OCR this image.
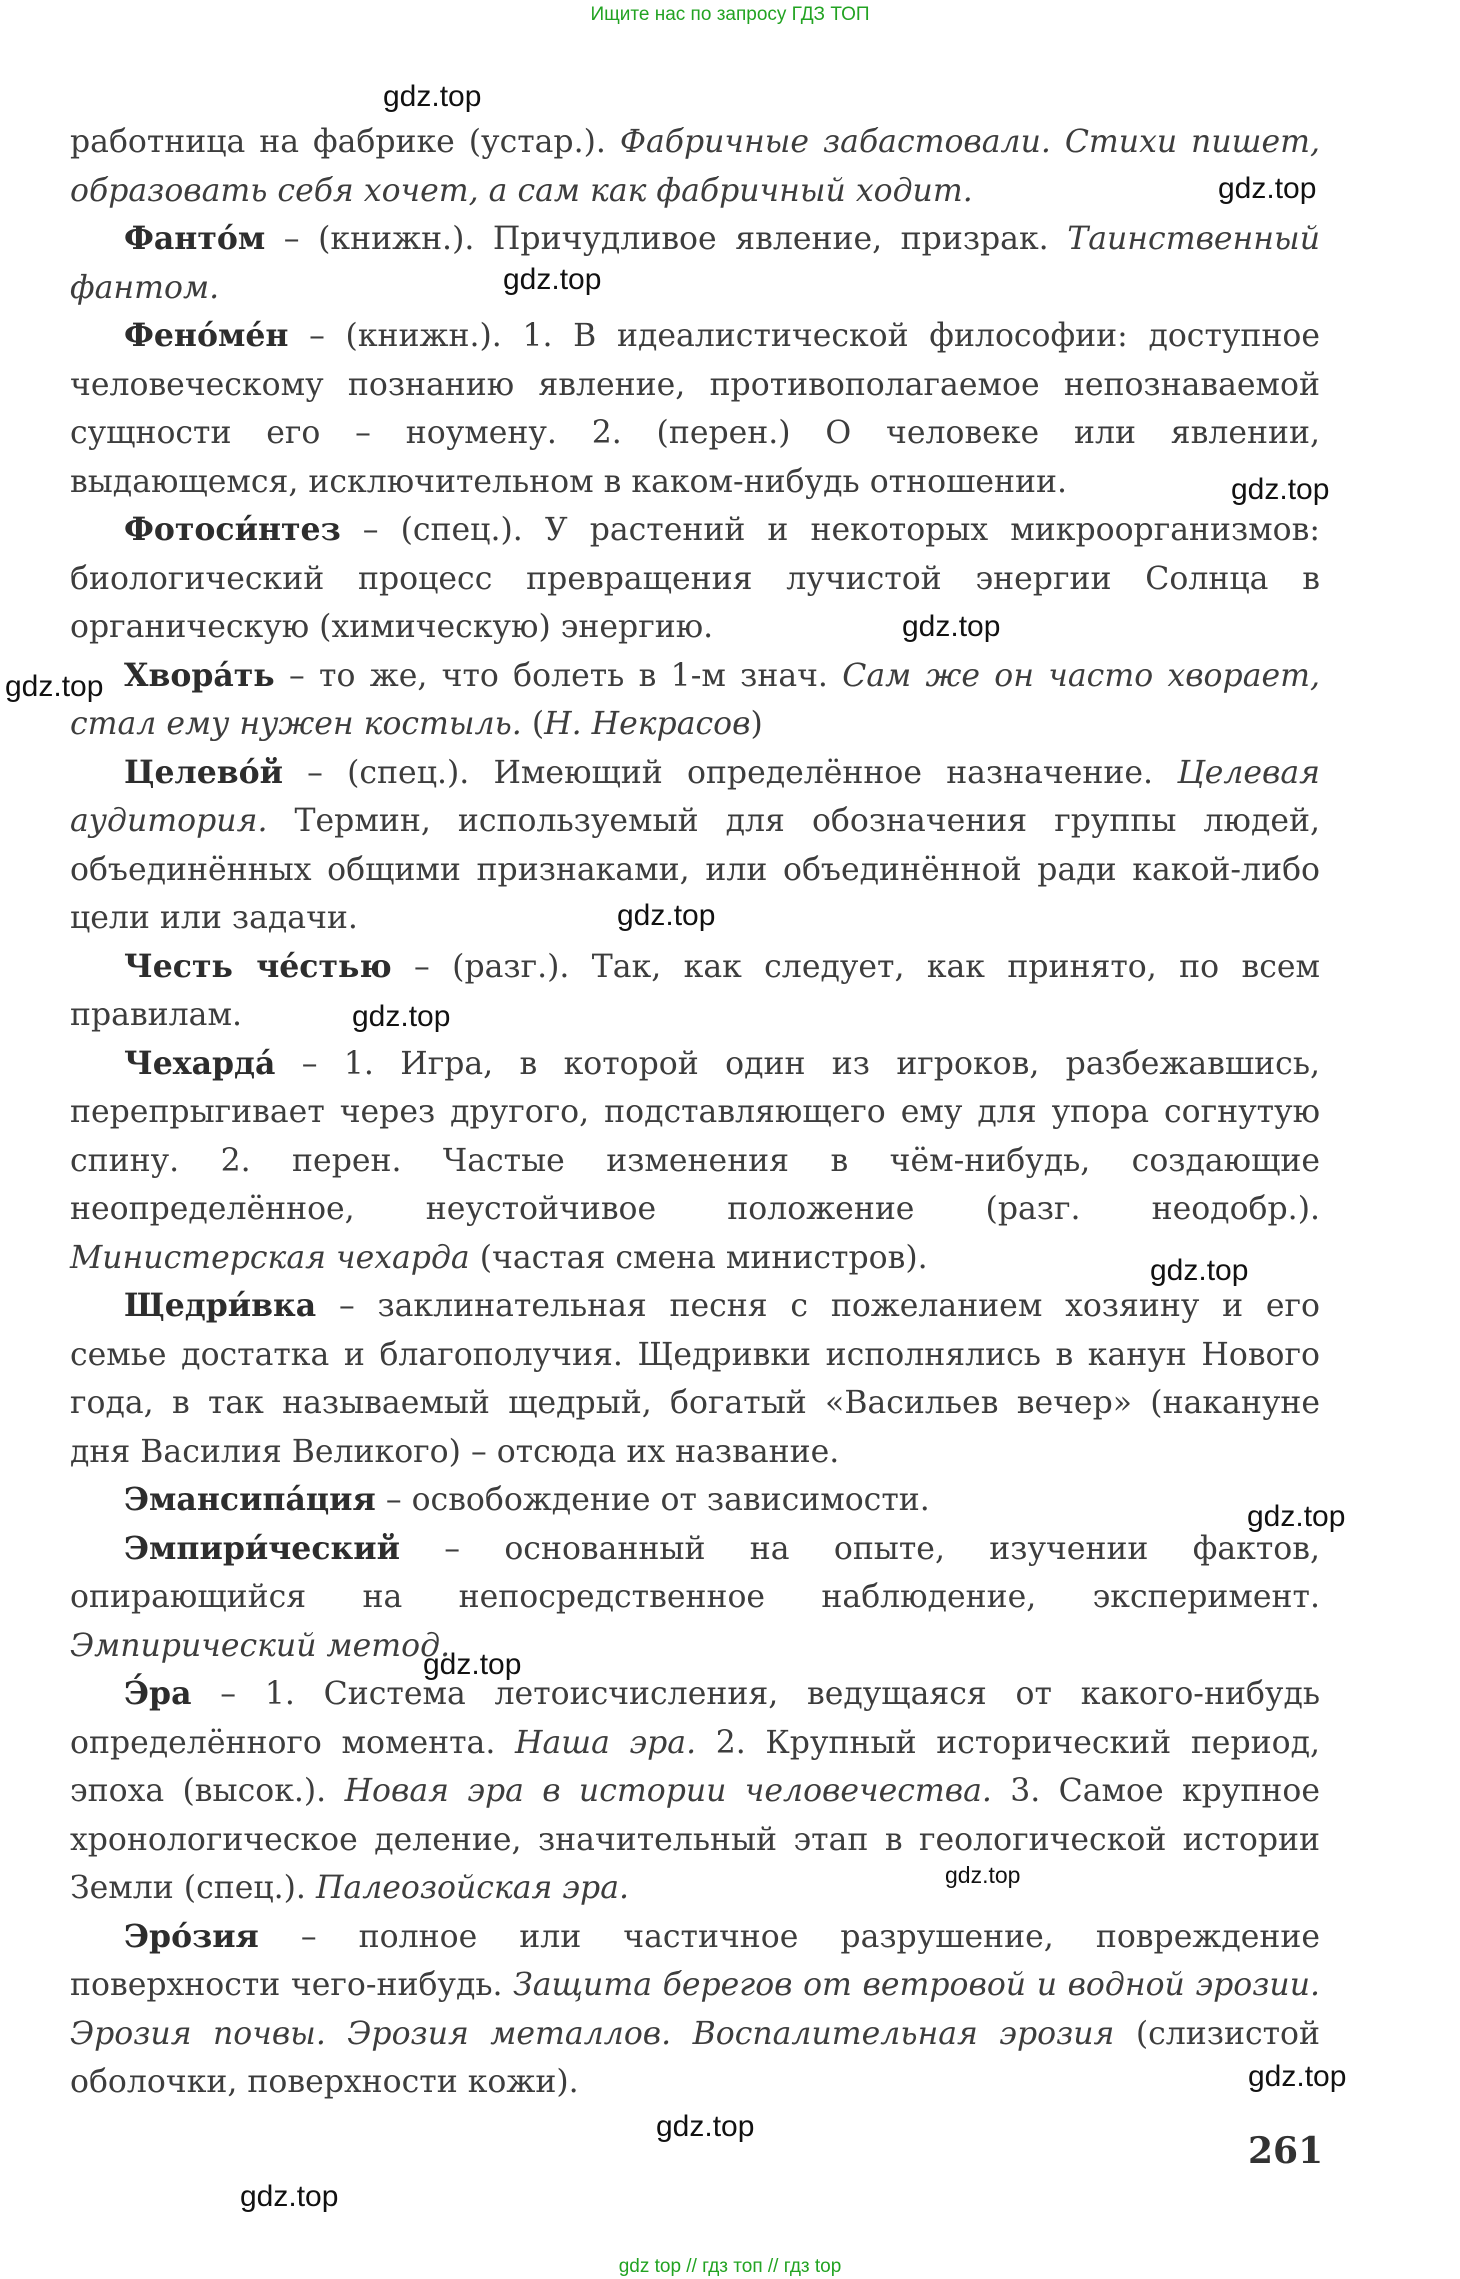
Ищите нас по запросу ГДЗ ТОП

работница на фабрике (устар.). Фабричные забастовали. Стихи пишет, образовать себя хочет, а сам как фабричный ходит.

Фанто́м – (книжн.). Причудливое явление, призрак. Таинственный фантом.

Фено́ме́н – (книжн.). 1. В идеалистической философии: доступное человеческому познанию явление, противополагаемое непознаваемой сущности его – ноумену. 2. (перен.) О человеке или явлении, выдающемся, исключительном в каком-нибудь отношении.

Фотоси́нтез – (спец.). У растений и некоторых микроорганизмов: биологический процесс превращения лучистой энергии Солнца в органическую (химическую) энергию.

Хвора́ть – то же, что болеть в 1-м знач. Сам же он часто хворает, стал ему нужен костыль. (Н. Некрасов)

Целево́й – (спец.). Имеющий определённое назначение. Целевая аудитория. Термин, используемый для обозначения группы людей, объединённых общими признаками, или объединённой ради какой-либо цели или задачи.

Честь че́стью – (разг.). Так, как следует, как принято, по всем правилам.

Чехарда́ – 1. Игра, в которой один из игроков, разбежавшись, перепрыгивает через другого, подставляющего ему для упора согнутую спину. 2. перен. Частые изменения в чём-нибудь, создающие неопределённое, неустойчивое положение (разг. неодобр.). Министерская чехарда (частая смена министров).

Щедри́вка – заклинательная песня с пожеланием хозяину и его семье достатка и благополучия. Щедривки исполнялись в канун Нового года, в так называемый щедрый, богатый «Васильев вечер» (накануне дня Василия Великого) – отсюда их название.

Эмансипа́ция – освобождение от зависимости.

Эмпири́ческий – основанный на опыте, изучении фактов, опирающийся на непосредственное наблюдение, эксперимент. Эмпирический метод.

Э́ра – 1. Система летоисчисления, ведущаяся от какого-нибудь определённого момента. Наша эра. 2. Крупный исторический период, эпоха (высок.). Новая эра в истории человечества. 3. Самое крупное хронологическое деление, значительный этап в геологической истории Земли (спец.). Палеозойская эра.

Эро́зия – полное или частичное разрушение, повреждение поверхности чего-нибудь. Защита берегов от ветровой и водной эрозии. Эрозия почвы. Эрозия металлов. Воспалительная эрозия (слизистой оболочки, поверхности кожи).

261
gdz.top
gdz.top
gdz.top
gdz.top
gdz.top
gdz.top
gdz.top
gdz.top
gdz.top
gdz.top
gdz.top
gdz.top
gdz.top
gdz.top
gdz.top
gdz top // гдз топ // гдз top
